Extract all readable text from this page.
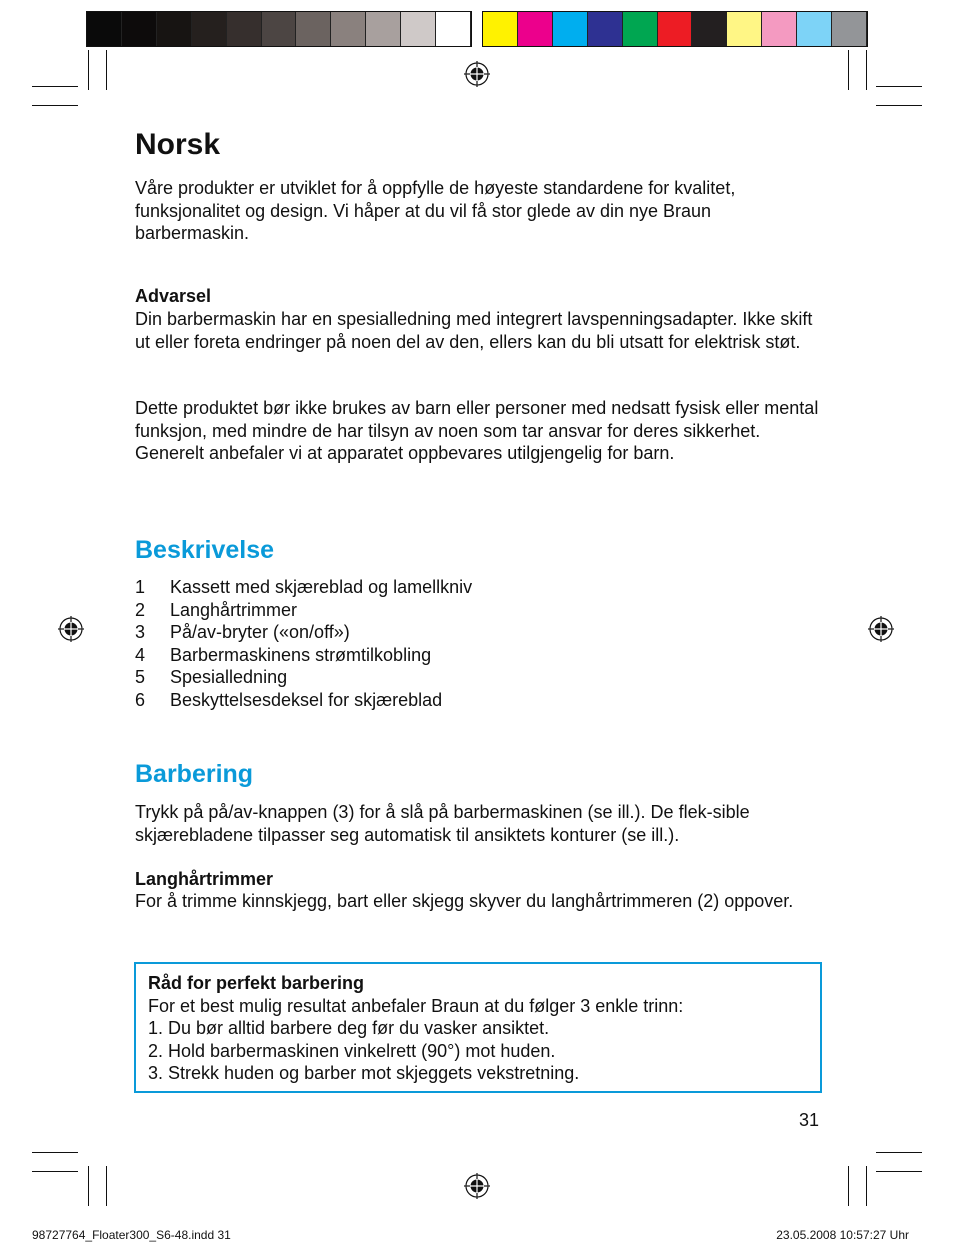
Norsk

Våre produkter er utviklet for å oppfylle de høyeste standardene for kvalitet, funksjonalitet og design. Vi håper at du vil få stor glede av din nye Braun barbermaskin.

Advarsel

Din barbermaskin har en spesialledning med integrert lavspenningsadapter. Ikke skift ut eller foreta endringer på noen del av den, ellers kan du bli utsatt for elektrisk støt.

Dette produktet bør ikke brukes av barn eller personer med nedsatt fysisk eller mental funksjon, med mindre de har tilsyn av noen som tar ansvar for deres sikkerhet. Generelt anbefaler vi at apparatet oppbevares utilgjengelig for barn.

Beskrivelse
1	Kassett med skjæreblad og lamellkniv
2	Langhårtrimmer
3	På/av-bryter («on/off»)
4	Barbermaskinens strømtilkobling
5	Spesialledning
6	Beskyttelsesdeksel for skjæreblad
Barbering

Trykk på på/av-knappen (3) for å slå på barbermaskinen (se ill.). De flek-sible skjærebladene tilpasser seg automatisk til ansiktets konturer (se ill.).

Langhårtrimmer

For å trimme kinnskjegg, bart eller skjegg skyver du langhårtrimmeren (2) oppover.

Råd for perfekt barbering

For et best mulig resultat anbefaler Braun at du følger 3 enkle trinn:

1. Du bør alltid barbere deg før du vasker ansiktet.

2. Hold barbermaskinen vinkelrett (90°) mot huden.

3. Strekk huden og barber mot skjeggets vekstretning.

31
98727764_Floater300_S6-48.indd 31	23.05.2008 10:57:27 Uhr
